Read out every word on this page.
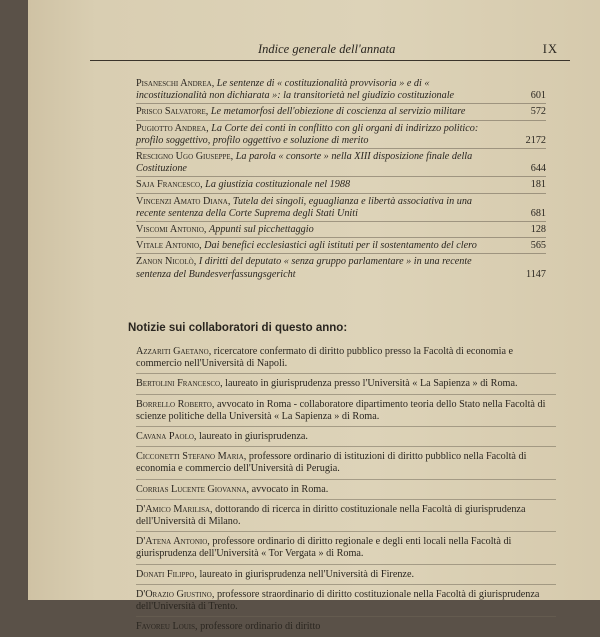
Indice generale dell'annata	IX
Pisaneschi Andrea, Le sentenze di « costituzionalità provvisoria » e di « incostituzionalità non dichiarata »: la transitorietà nel giudizio costituzionale	601
Prisco Salvatore, Le metamorfosi dell'obiezione di coscienza al servizio militare	572
Pugiotto Andrea, La Corte dei conti in conflitto con gli organi di indirizzo politico: profilo soggettivo, profilo oggettivo e soluzione di merito	2172
Rescigno Ugo Giuseppe, La parola « consorte » nella XIII disposizione finale della Costituzione	644
Saja Francesco, La giustizia costituzionale nel 1988	181
Vincenzi Amato Diana, Tutela dei singoli, eguaglianza e libertà associativa in una recente sentenza della Corte Suprema degli Stati Uniti	681
Viscomi Antonio, Appunti sul picchettaggio	128
Vitale Antonio, Dai benefici ecclesiastici agli istituti per il sostentamento del clero	565
Zanon Nicolò, I diritti del deputato « senza gruppo parlamentare » in una recente sentenza del Bundesverfassungsgericht	1147
Notizie sui collaboratori di questo anno:
Azzariti Gaetano, ricercatore confermato di diritto pubblico presso la Facoltà di economia e commercio nell'Università di Napoli.
Bertolini Francesco, laureato in giurisprudenza presso l'Università « La Sapienza » di Roma.
Borrello Roberto, avvocato in Roma - collaboratore dipartimento teoria dello Stato nella Facoltà di scienze politiche della Università « La Sapienza » di Roma.
Cavana Paolo, laureato in giurisprudenza.
Cicconetti Stefano Maria, professore ordinario di istituzioni di diritto pubblico nella Facoltà di economia e commercio dell'Università di Perugia.
Corrias Lucente Giovanna, avvocato in Roma.
D'Amico Marilisa, dottorando di ricerca in diritto costituzionale nella Facoltà di giurisprudenza dell'Università di Milano.
D'Atena Antonio, professore ordinario di diritto regionale e degli enti locali nella Facoltà di giurisprudenza dell'Università « Tor Vergata » di Roma.
Donati Filippo, laureato in giurisprudenza nell'Università di Firenze.
D'Orazio Giustino, professore straordinario di diritto costituzionale nella Facoltà di giurisprudenza dell'Università di Trento.
Favoreu Louis, professore ordinario di diritto
